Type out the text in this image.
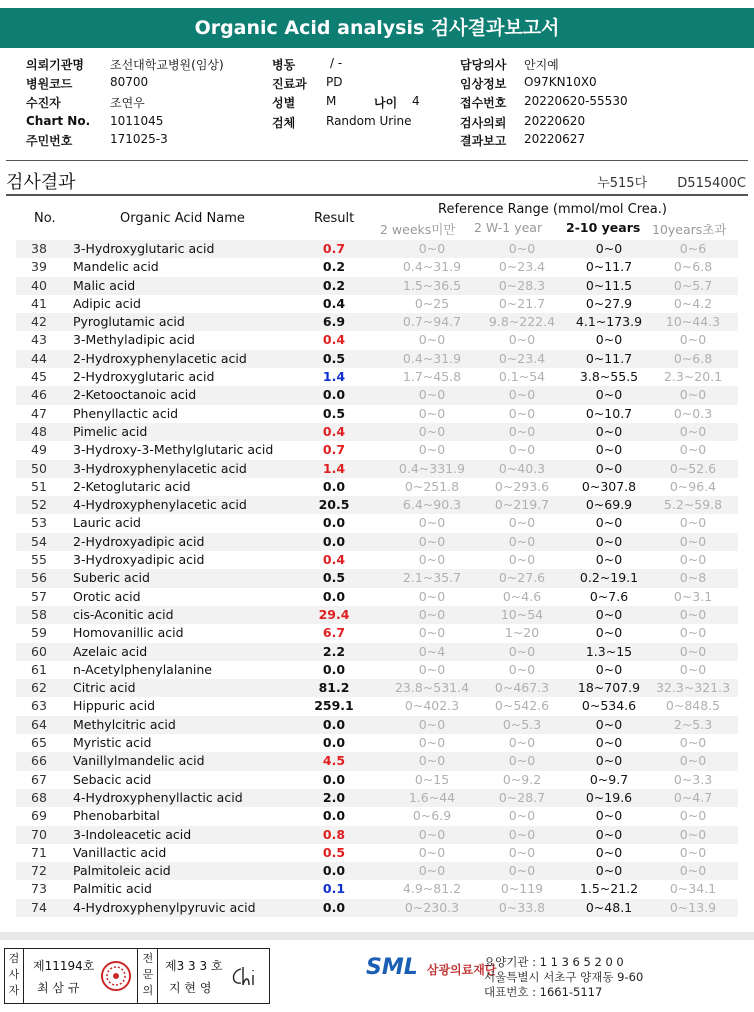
Organic Acid analysis 검사결과보고서
의뢰기관명 조선대학교병원(임상)
병원코드	80700
수진자	조연우
Chart No. 1011045
주민번호	171025-3
병동	/ -
진료과 PD
성별	M	나이 4
검체	Random Urine
담당의사 안지예
임상정보 O97KN10X0
접수번호 20220620-55530
검사의뢰 20220620
결과보고 20220627
검사결과	누515다 D515400C
No.	Organic Acid Name	Result
Reference Range (mmol/mol Crea.)
2 weeks미만 2 W-1 year 2-10 years 10years초과
38	3-Hydroxyglutaric acid	0.7	0~0	0~0	0~0	0~6
39	Mandelic acid	0.2	0.4~31.9	0~23.4	0~11.7	0~6.8
40	Malic acid	0.2	1.5~36.5	0~28.3	0~11.5	0~5.7
41	Adipic acid	0.4	0~25	0~21.7	0~27.9	0~4.2
42	Pyroglutamic acid	6.9	0.7~94.7	9.8~222.4	4.1~173.9	10~44.3
43	3-Methyladipic acid	0.4	0~0	0~0	0~0	0~0
44	2-Hydroxyphenylacetic acid	0.5	0.4~31.9	0~23.4	0~11.7	0~6.8
45	2-Hydroxyglutaric acid	1.4	1.7~45.8	0.1~54	3.8~55.5	2.3~20.1
46	2-Ketooctanoic acid	0.0	0~0	0~0	0~0	0~0
47	Phenyllactic acid	0.5	0~0	0~0	0~10.7	0~0.3
48	Pimelic acid	0.4	0~0	0~0	0~0	0~0
49	3-Hydroxy-3-Methylglutaric acid	0.7	0~0	0~0	0~0	0~0
50	3-Hydroxyphenylacetic acid	1.4	0.4~331.9	0~40.3	0~0	0~52.6
51	2-Ketoglutaric acid	0.0	0~251.8	0~293.6	0~307.8	0~96.4
52	4-Hydroxyphenylacetic acid	20.5	6.4~90.3	0~219.7	0~69.9	5.2~59.8
53	Lauric acid	0.0	0~0	0~0	0~0	0~0
54	2-Hydroxyadipic acid	0.0	0~0	0~0	0~0	0~0
55	3-Hydroxyadipic acid	0.4	0~0	0~0	0~0	0~0
56	Suberic acid	0.5	2.1~35.7	0~27.6	0.2~19.1	0~8
57	Orotic acid	0.0	0~0	0~4.6	0~7.6	0~3.1
58	cis-Aconitic acid	29.4	0~0	10~54	0~0	0~0
59	Homovanillic acid	6.7	0~0	1~20	0~0	0~0
60	Azelaic acid	2.2	0~4	0~0	1.3~15	0~0
61	n-Acetylphenylalanine	0.0	0~0	0~0	0~0	0~0
62	Citric acid	81.2	23.8~531.4	0~467.3	18~707.9	32.3~321.3
63	Hippuric acid	259.1	0~402.3	0~542.6	0~534.6	0~848.5
64	Methylcitric acid	0.0	0~0	0~5.3	0~0	2~5.3
65	Myristic acid	0.0	0~0	0~0	0~0	0~0
66	Vanillylmandelic acid	4.5	0~0	0~0	0~0	0~0
67	Sebacic acid	0.0	0~15	0~9.2	0~9.7	0~3.3
68	4-Hydroxyphenyllactic acid	2.0	1.6~44	0~28.7	0~19.6	0~4.7
69	Phenobarbital	0.0	0~6.9	0~0	0~0	0~0
70	3-Indoleacetic acid	0.8	0~0	0~0	0~0	0~0
71	Vanillactic acid	0.5	0~0	0~0	0~0	0~0
72	Palmitoleic acid	0.0	0~0	0~0	0~0	0~0
73	Palmitic acid	0.1	4.9~81.2	0~119	1.5~21.2	0~34.1
74	4-Hydroxyphenylpyruvic acid	0.0	0~230.3	0~33.8	0~48.1	0~13.9
검사자
제11194호
최 삼 규
전문의
제3 3 3 호
지 현 영
SML 삼광의료재단
요양기관 : 1 1 3 6 5 2 0 0
서울특별시 서초구 양재동 9-60
대표번호 : 1661-5117
